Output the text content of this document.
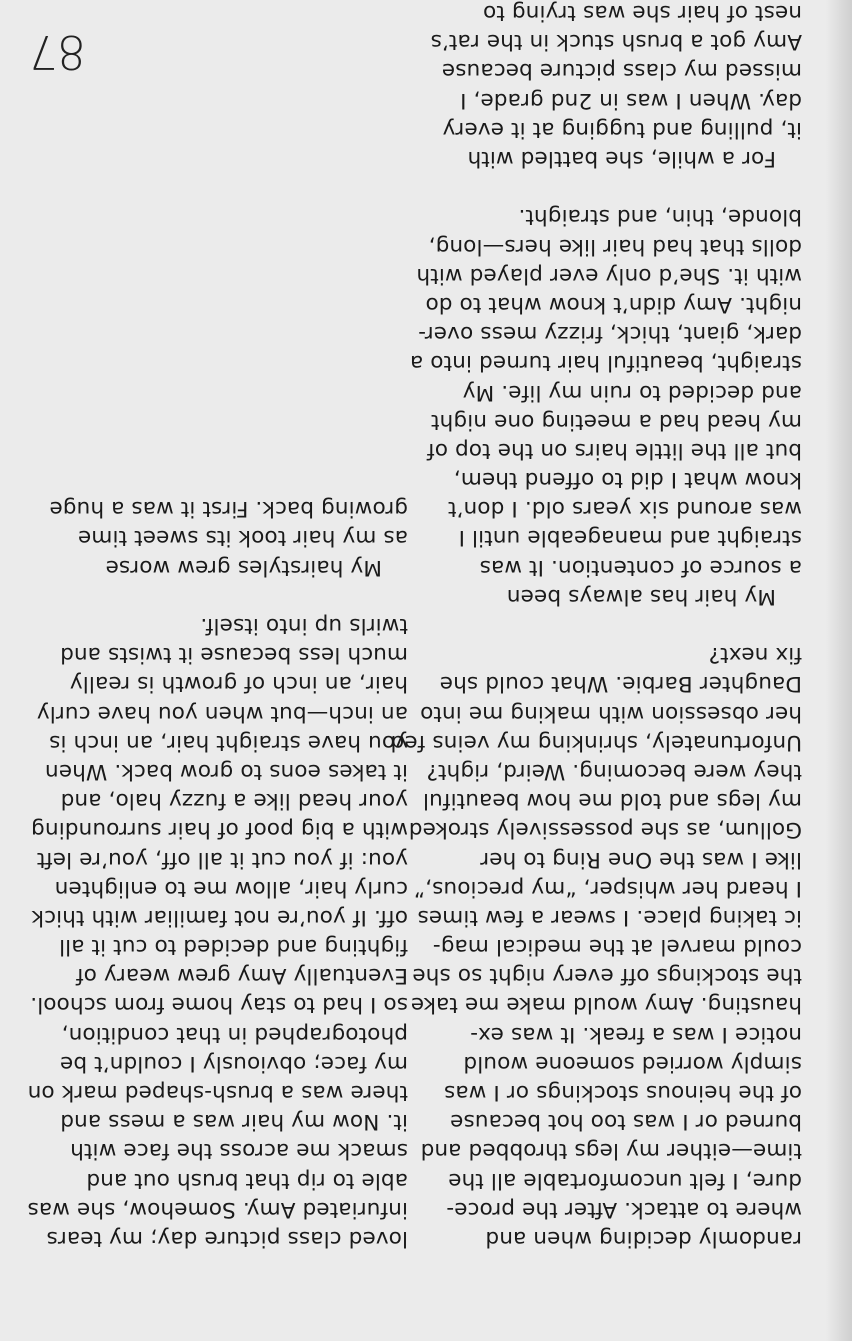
randomly deciding when and
where to attack. After the proce-
dure, I felt uncomfortable all the
time—either my legs throbbed and
burned or I was too hot because
of the heinous stockings or I was
simply worried someone would
notice I was a freak. It was ex-
hausting. Amy would make me take
the stockings off every night so she
could marvel at the medical mag-
ic taking place. I swear a few times
I heard her whisper, “my precious,”
like I was the One Ring to her
Gollum, as she possessively stroked
my legs and told me how beautiful
they were becoming. Weird, right?
Unfortunately, shrinking my veins fed
her obsession with making me into
Daughter Barbie. What could she
fix next?
My hair has always been
a source of contention. It was
straight and manageable until I
was around six years old. I don’t
know what I did to offend them,
but all the little hairs on the top of
my head had a meeting one night
and decided to ruin my life. My
straight, beautiful hair turned into a
dark, giant, thick, frizzy mess over-
night. Amy didn’t know what to do
with it. She’d only ever played with
dolls that had hair like hers—long,
blonde, thin, and straight.
For a while, she battled with
it, pulling and tugging at it every
day. When I was in 2nd grade, I
missed my class picture because
Amy got a brush stuck in the rat’s
nest of hair she was trying to
loved class picture day; my tears
infuriated Amy. Somehow, she was
able to rip that brush out and
smack me across the face with
it. Now my hair was a mess and
there was a brush-shaped mark on
my face; obviously I couldn’t be
photographed in that condition,
so I had to stay home from school.
Eventually Amy grew weary of
fighting and decided to cut it all
off. If you’re not familiar with thick
curly hair, allow me to enlighten
you: if you cut it all off, you’re left
with a big poof of hair surrounding
your head like a fuzzy halo, and
it takes eons to grow back. When
you have straight hair, an inch is
an inch—but when you have curly
hair, an inch of growth is really
much less because it twists and
twirls up into itself.
My hairstyles grew worse
as my hair took its sweet time
growing back. First it was a huge
87
